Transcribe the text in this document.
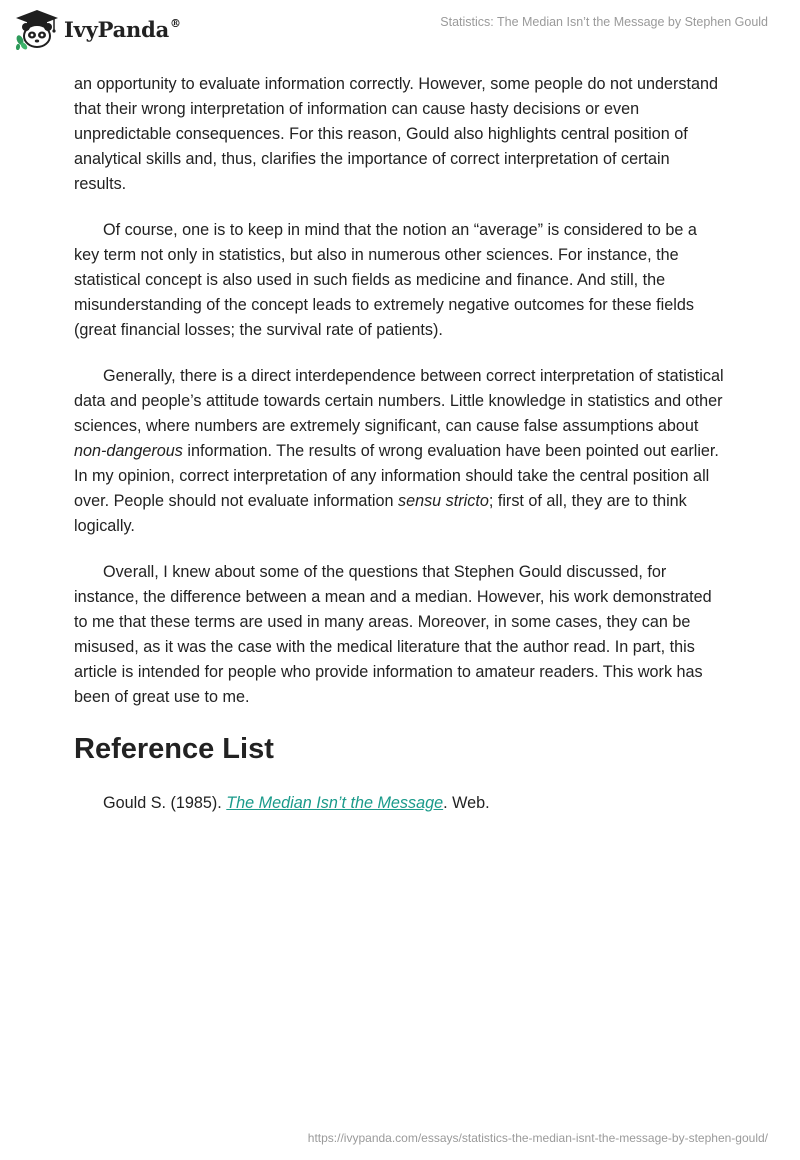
IvyPanda®	Statistics: The Median Isn’t the Message by Stephen Gould

an opportunity to evaluate information correctly. However, some people do not understand that their wrong interpretation of information can cause hasty decisions or even unpredictable consequences. For this reason, Gould also highlights central position of analytical skills and, thus, clarifies the importance of correct interpretation of certain results.

Of course, one is to keep in mind that the notion an “average” is considered to be a key term not only in statistics, but also in numerous other sciences. For instance, the statistical concept is also used in such fields as medicine and finance. And still, the misunderstanding of the concept leads to extremely negative outcomes for these fields (great financial losses; the survival rate of patients).

Generally, there is a direct interdependence between correct interpretation of statistical data and people’s attitude towards certain numbers. Little knowledge in statistics and other sciences, where numbers are extremely significant, can cause false assumptions about non-dangerous information. The results of wrong evaluation have been pointed out earlier. In my opinion, correct interpretation of any information should take the central position all over. People should not evaluate information sensu stricto; first of all, they are to think logically.

Overall, I knew about some of the questions that Stephen Gould discussed, for instance, the difference between a mean and a median. However, his work demonstrated to me that these terms are used in many areas. Moreover, in some cases, they can be misused, as it was the case with the medical literature that the author read. In part, this article is intended for people who provide information to amateur readers. This work has been of great use to me.

Reference List
Gould S. (1985). The Median Isn’t the Message. Web.
https://ivypanda.com/essays/statistics-the-median-isnt-the-message-by-stephen-gould/
